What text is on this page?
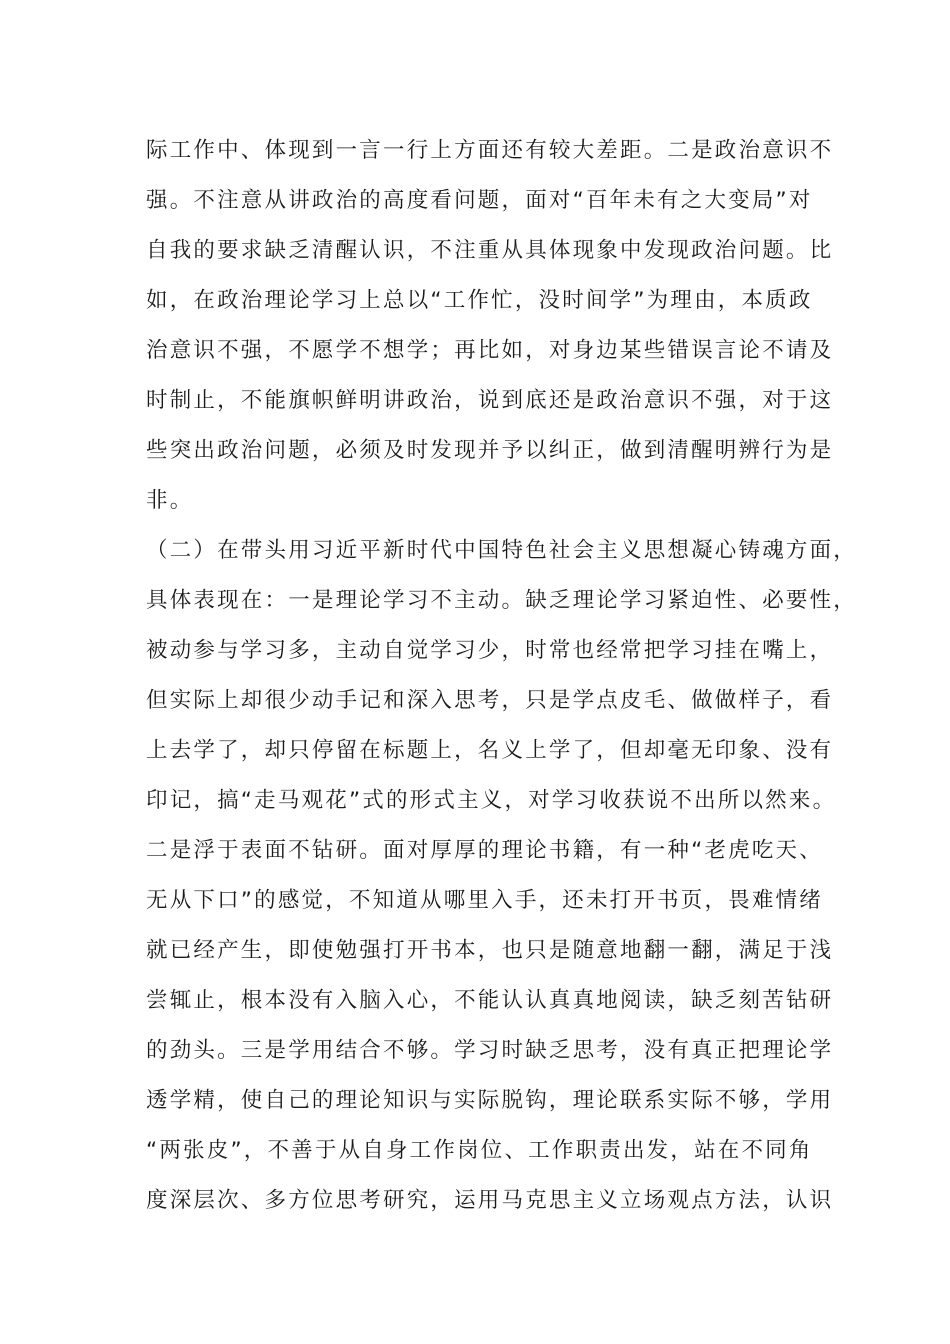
际工作中、体现到一言一行上方面还有较大差距。二是政治意识不
强。不注意从讲政治的高度看问题，面对“百年未有之大变局”对
自我的要求缺乏清醒认识，不注重从具体现象中发现政治问题。比
如，在政治理论学习上总以“工作忙，没时间学”为理由，本质政
治意识不强，不愿学不想学；再比如，对身边某些错误言论不请及
时制止，不能旗帜鲜明讲政治，说到底还是政治意识不强，对于这
些突出政治问题，必须及时发现并予以纠正，做到清醒明辨行为是
非。
（二）在带头用习近平新时代中国特色社会主义思想凝心铸魂方面，
具体表现在：一是理论学习不主动。缺乏理论学习紧迫性、必要性，
被动参与学习多，主动自觉学习少，时常也经常把学习挂在嘴上，
但实际上却很少动手记和深入思考，只是学点皮毛、做做样子，看
上去学了，却只停留在标题上，名义上学了，但却毫无印象、没有
印记，搞“走马观花”式的形式主义，对学习收获说不出所以然来。
二是浮于表面不钻研。面对厚厚的理论书籍，有一种“老虎吃天、
无从下口”的感觉，不知道从哪里入手，还未打开书页，畏难情绪
就已经产生，即使勉强打开书本，也只是随意地翻一翻，满足于浅
尝辄止，根本没有入脑入心，不能认认真真地阅读，缺乏刻苦钻研
的劲头。三是学用结合不够。学习时缺乏思考，没有真正把理论学
透学精，使自己的理论知识与实际脱钩，理论联系实际不够，学用
“两张皮”，不善于从自身工作岗位、工作职责出发，站在不同角
度深层次、多方位思考研究，运用马克思主义立场观点方法，认识
